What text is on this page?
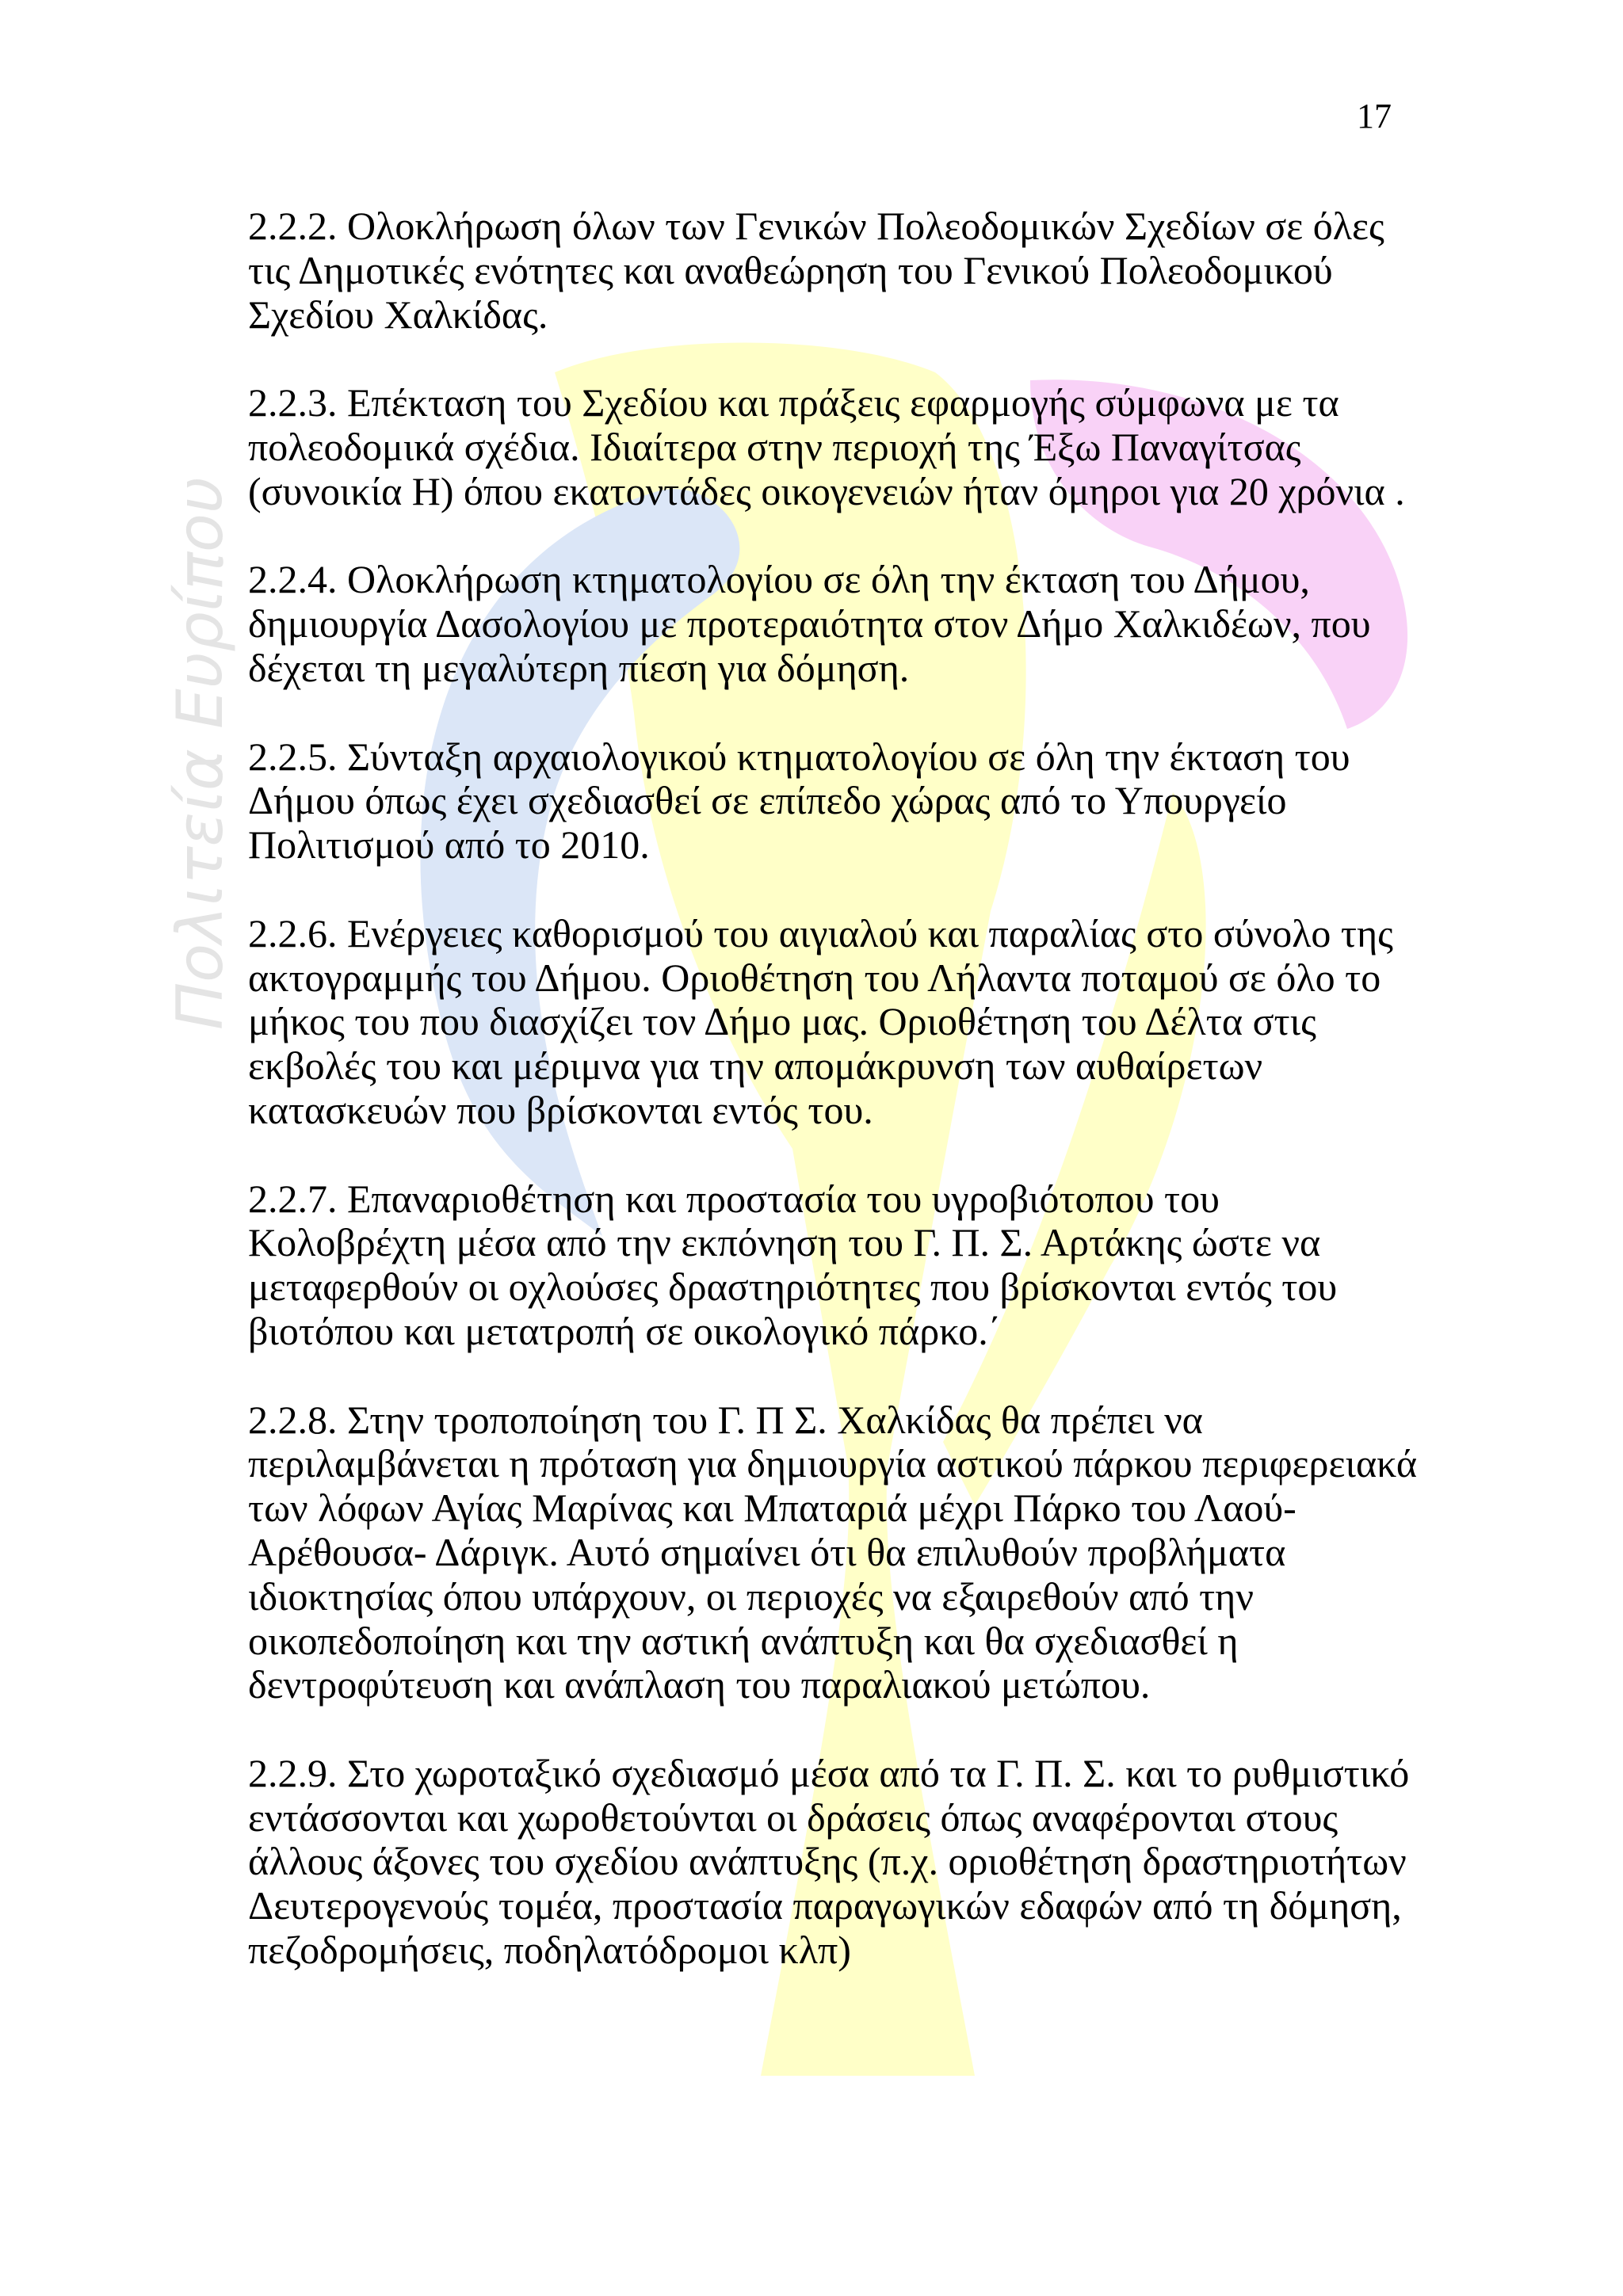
Πολιτεία Ευρίπου
17
2.2.2. Ολοκλήρωση όλων των Γενικών Πολεοδομικών Σχεδίων σε όλες
τις Δημοτικές ενότητες και αναθεώρηση του Γενικού Πολεοδομικού
Σχεδίου Χαλκίδας.
2.2.3. Επέκταση του Σχεδίου και πράξεις εφαρμογής σύμφωνα με τα
πολεοδομικά σχέδια. Ιδιαίτερα στην περιοχή της Έξω Παναγίτσας
(συνοικία Η) όπου εκατοντάδες οικογενειών ήταν όμηροι για 20 χρόνια .
2.2.4. Ολοκλήρωση κτηματολογίου σε όλη την έκταση του Δήμου,
δημιουργία Δασολογίου με προτεραιότητα στον Δήμο Χαλκιδέων, που
δέχεται τη μεγαλύτερη πίεση για δόμηση.
2.2.5. Σύνταξη αρχαιολογικού κτηματολογίου σε όλη την έκταση του
Δήμου όπως έχει σχεδιασθεί σε επίπεδο χώρας από το Υπουργείο
Πολιτισμού από το 2010.
2.2.6. Ενέργειες καθορισμού του αιγιαλού και παραλίας στο σύνολο της
ακτογραμμής του Δήμου. Οριοθέτηση του Λήλαντα ποταμού σε όλο το
μήκος του που διασχίζει τον Δήμο μας. Οριοθέτηση του Δέλτα στις
εκβολές του και μέριμνα για την απομάκρυνση των αυθαίρετων
κατασκευών που βρίσκονται εντός του.
2.2.7. Επαναριοθέτηση και προστασία του υγροβιότοπου του
Κολοβρέχτη μέσα από την εκπόνηση του Γ. Π. Σ. Αρτάκης ώστε να
μεταφερθούν οι οχλούσες δραστηριότητες που βρίσκονται εντός του
βιοτόπου και μετατροπή σε οικολογικό πάρκο.΄
2.2.8. Στην τροποποίηση του Γ. Π Σ. Χαλκίδας θα πρέπει να
περιλαμβάνεται η πρόταση για δημιουργία αστικού πάρκου περιφερειακά
των λόφων Αγίας Μαρίνας και Μπαταριά μέχρι Πάρκο του Λαού-
Αρέθουσα- Δάριγκ. Αυτό σημαίνει ότι θα επιλυθούν προβλήματα
ιδιοκτησίας όπου υπάρχουν, οι περιοχές να εξαιρεθούν από την
οικοπεδοποίηση και την αστική ανάπτυξη και θα σχεδιασθεί η
δεντροφύτευση και ανάπλαση του παραλιακού μετώπου.
2.2.9. Στο χωροταξικό σχεδιασμό μέσα από τα Γ. Π. Σ. και το ρυθμιστικό
εντάσσονται και χωροθετούνται οι δράσεις όπως αναφέρονται στους
άλλους άξονες του σχεδίου ανάπτυξης (π.χ. οριοθέτηση δραστηριοτήτων
Δευτερογενούς τομέα, προστασία παραγωγικών εδαφών από τη δόμηση,
πεζοδρομήσεις, ποδηλατόδρομοι κλπ)
